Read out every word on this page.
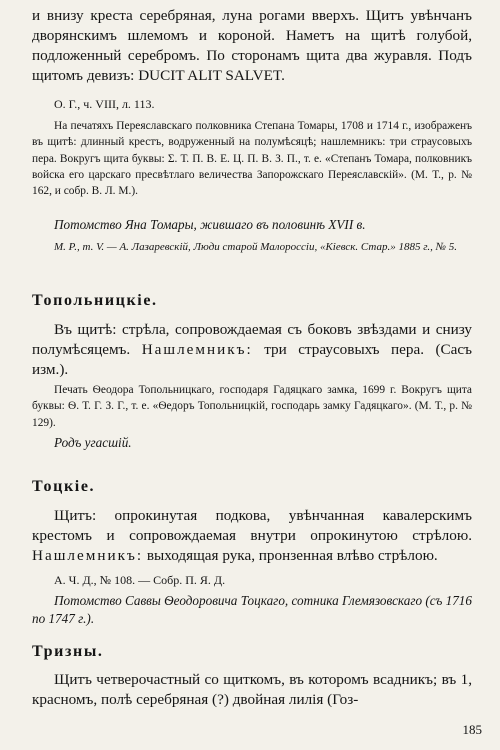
и внизу креста серебряная, луна рогами вверхъ. Щитъ увѣнчанъ дворянскимъ шлемомъ и короной. Наметъ на щитѣ голубой, подложенный серебромъ. По сторонамъ щита два журавля. Подъ щитомъ девизъ: DUCIT ALIT SALVET.

О. Г., ч. VIII, л. 113.

На печатяхъ Переяславскаго полковника Степана Томары, 1708 и 1714 г., изображенъ въ щитѣ: длинный крестъ, водруженный на полумѣсяцѣ; нашлемникъ: три страусовыхъ пера. Вокругъ щита буквы: Σ. Т. П. В. Е. Ц. П. В. З. П., т. е. «Степанъ Томара, полковникъ войска его царскаго пресвѣтлаго величества Запорожскаго Переяславскій». (М. Т., р. № 162, и собр. В. Л. М.).

Потомство Яна Томары, жившаго въ половинѣ XVII в.

М. Р., т. V. — А. Лазаревскій, Люди старой Малороссіи, «Кіевск. Стар.» 1885 г., № 5.

Топольницкіе.

Въ щитѣ: стрѣла, сопровождаемая съ боковъ звѣздами и снизу полумѣсяцемъ. Нашлемникъ: три страусовыхъ пера. (Сасъ изм.).

Печать Ѳеодора Топольницкаго, господаря Гадяцкаго замка, 1699 г. Вокругъ щита буквы: Ѳ. Т. Г. З. Г., т. е. «Ѳедоръ Топольницкій, господарь замку Гадяцкаго». (М. Т., р. № 129).

Родъ угасшій.

Тоцкіе.

Щитъ: опрокинутая подкова, увѣнчанная кавалерскимъ крестомъ и сопровождаемая внутри опрокинутою стрѣлою. Нашлемникъ: выходящая рука, пронзенная влѣво стрѣлою.

А. Ч. Д., № 108. — Собр. П. Я. Д.

Потомство Саввы Ѳеодоровича Тоцкаго, сотника Глемязовскаго (съ 1716 по 1747 г.).

Тризны.

Щитъ четверочастный со щиткомъ, въ которомъ всадникъ; въ 1, красномъ, полѣ серебряная (?) двойная лилія (Гоз-

185
